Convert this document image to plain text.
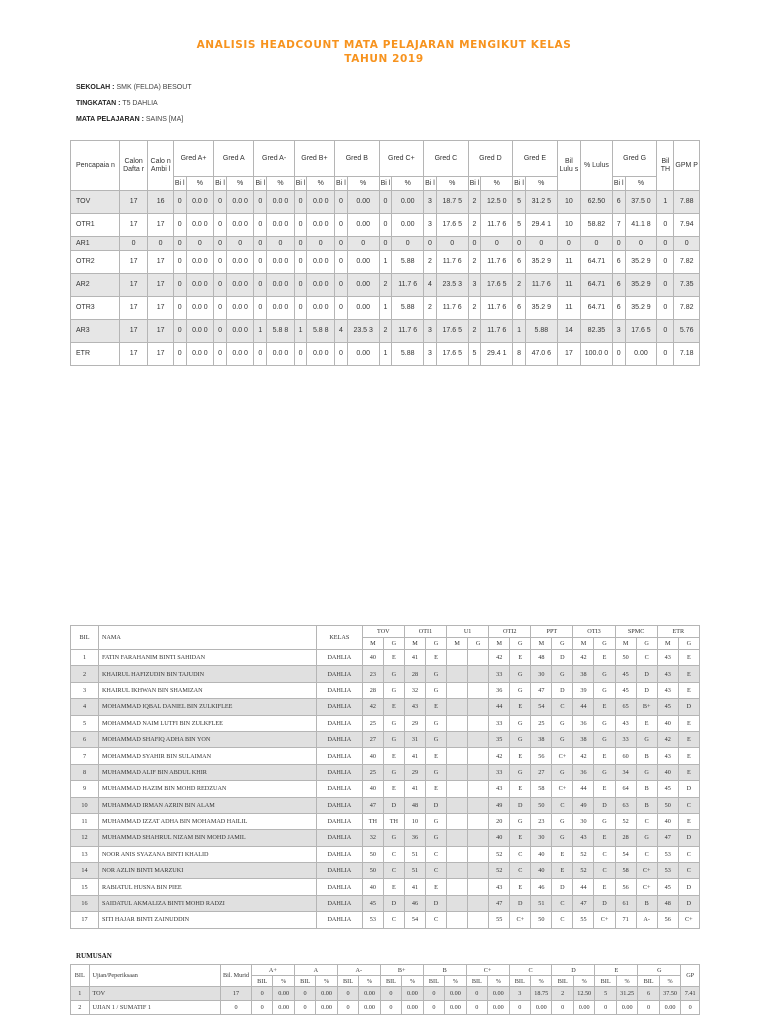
ANALISIS HEADCOUNT MATA PELAJARAN MENGIKUT KELAS
TAHUN 2019
SEKOLAH : SMK (FELDA) BESOUT
TINGKATAN : T5 DAHLIA
MATA PELAJARAN : SAINS [MA]
Pencapaia n	Calon Dafta r	Calo n Ambi l	Gred A+		Gred A		Gred A-		Gred B+		Gred B		Gred C+		Gred C		Gred D		Gred E		Bil Lulu s	% Lulus	Gred G		Bil TH	GPM P
			Bi l	%	Bi l	%	Bi l	%	Bi l	%	Bi l	%	Bi l	%	Bi l	%	Bi l	%	Bi l	%			Bi l	%		
TOV	17	16	0	0.0 0	0	0.0 0	0	0.0 0	0	0.0 0	0	0.00	0	0.00	3	18.7 5	2	12.5 0	5	31.2 5	10	62.50	6	37.5 0	1	7.88
OTR1	17	17	0	0.0 0	0	0.0 0	0	0.0 0	0	0.0 0	0	0.00	0	0.00	3	17.6 5	2	11.7 6	5	29.4 1	10	58.82	7	41.1 8	0	7.94
AR1	0	0	0	0	0	0	0	0	0	0	0	0	0	0	0	0	0	0	0	0	0	0	0	0	0	0
OTR2	17	17	0	0.0 0	0	0.0 0	0	0.0 0	0	0.0 0	0	0.00	1	5.88	2	11.7 6	2	11.7 6	6	35.2 9	11	64.71	6	35.2 9	0	7.82
AR2	17	17	0	0.0 0	0	0.0 0	0	0.0 0	0	0.0 0	0	0.00	2	11.7 6	4	23.5 3	3	17.6 5	2	11.7 6	11	64.71	6	35.2 9	0	7.35
OTR3	17	17	0	0.0 0	0	0.0 0	0	0.0 0	0	0.0 0	0	0.00	1	5.88	2	11.7 6	2	11.7 6	6	35.2 9	11	64.71	6	35.2 9	0	7.82
AR3	17	17	0	0.0 0	0	0.0 0	1	5.8 8	1	5.8 8	4	23.5 3	2	11.7 6	3	17.6 5	2	11.7 6	1	5.88	14	82.35	3	17.6 5	0	5.76
ETR	17	17	0	0.0 0	0	0.0 0	0	0.0 0	0	0.0 0	0	0.00	1	5.88	3	17.6 5	5	29.4 1	8	47.0 6	17	100.0 0	0	0.00	0	7.18
BIL	NAMA	KELAS	TOV		OTI1		U1		OTI2		PPT		OTI3		SPMC		ETR	
			M	G	M	G	M	G	M	G	M	G	M	G	M	G	M	G
1	FATIN FARAHANIM BINTI SAHIDAN	DAHLIA	40	E	41	E			42	E	48	D	42	E	50	C	43	E
2	KHAIRUL HAFIZUDIN BIN TAJUDIN	DAHLIA	23	G	28	G			33	G	30	G	38	G	45	D	43	E
3	KHAIRUL IKHWAN BIN SHAMIZAN	DAHLIA	28	G	32	G			36	G	47	D	39	G	45	D	43	E
4	MOHAMMAD IQBAL DANIEL BIN ZULKIFLEE	DAHLIA	42	E	43	E			44	E	54	C	44	E	65	B+	45	D
5	MOHAMMAD NAIM LUTFI BIN ZULKFLEE	DAHLIA	25	G	29	G			33	G	25	G	36	G	43	E	40	E
6	MOHAMMAD SHAFIQ ADHA BIN YON	DAHLIA	27	G	31	G			35	G	38	G	38	G	33	G	42	E
7	MOHAMMAD SYAHIR BIN SULAIMAN	DAHLIA	40	E	41	E			42	E	56	C+	42	E	60	B	43	E
8	MUHAMMAD ALIF BIN ABDUL KHIR	DAHLIA	25	G	29	G			33	G	27	G	36	G	34	G	40	E
9	MUHAMMAD HAZIM BIN MOHD REDZUAN	DAHLIA	40	E	41	E			43	E	58	C+	44	E	64	B	45	D
10	MUHAMMAD IRMAN AZRIN BIN ALAM	DAHLIA	47	D	48	D			49	D	50	C	49	D	63	B	50	C
11	MUHAMMAD IZZAT ADHA BIN MOHAMAD HAILIL	DAHLIA	TH	TH	10	G			20	G	23	G	30	G	52	C	40	E
12	MUHAMMAD SHAHRUL NIZAM BIN MOHD JAMIL	DAHLIA	32	G	36	G			40	E	30	G	43	E	28	G	47	D
13	NOOR ANIS SYAZANA BINTI KHALID	DAHLIA	50	C	51	C			52	C	40	E	52	C	54	C	53	C
14	NOR AZLIN BINTI MARZUKI	DAHLIA	50	C	51	C			52	C	40	E	52	C	58	C+	53	C
15	RABIATUL HUSNA BIN PIEE	DAHLIA	40	E	41	E			43	E	46	D	44	E	56	C+	45	D
16	SAIDATUL AKMALIZA BINTI MOHD RADZI	DAHLIA	45	D	46	D			47	D	51	C	47	D	61	B	48	D
17	SITI HAJAR BINTI ZAINUDDIN	DAHLIA	53	C	54	C			55	C+	50	C	55	C+	71	A-	56	C+
RUMUSAN
BIL	Ujian/Peperiksaan	Bil. Murid	A+		A		A-		B+		B		C+		C		D		E		G		GP
			BIL	%	BIL	%	BIL	%	BIL	%	BIL	%	BIL	%	BIL	%	BIL	%	BIL	%	BIL	%	
1	TOV	17	0	0.00	0	0.00	0	0.00	0	0.00	0	0.00	0	0.00	3	18.75	2	12.50	5	31.25	6	37.50	7.41
2	UJIAN 1 / SUMATIF 1	0	0	0.00	0	0.00	0	0.00	0	0.00	0	0.00	0	0.00	0	0.00	0	0.00	0	0.00	0	0.00	0
